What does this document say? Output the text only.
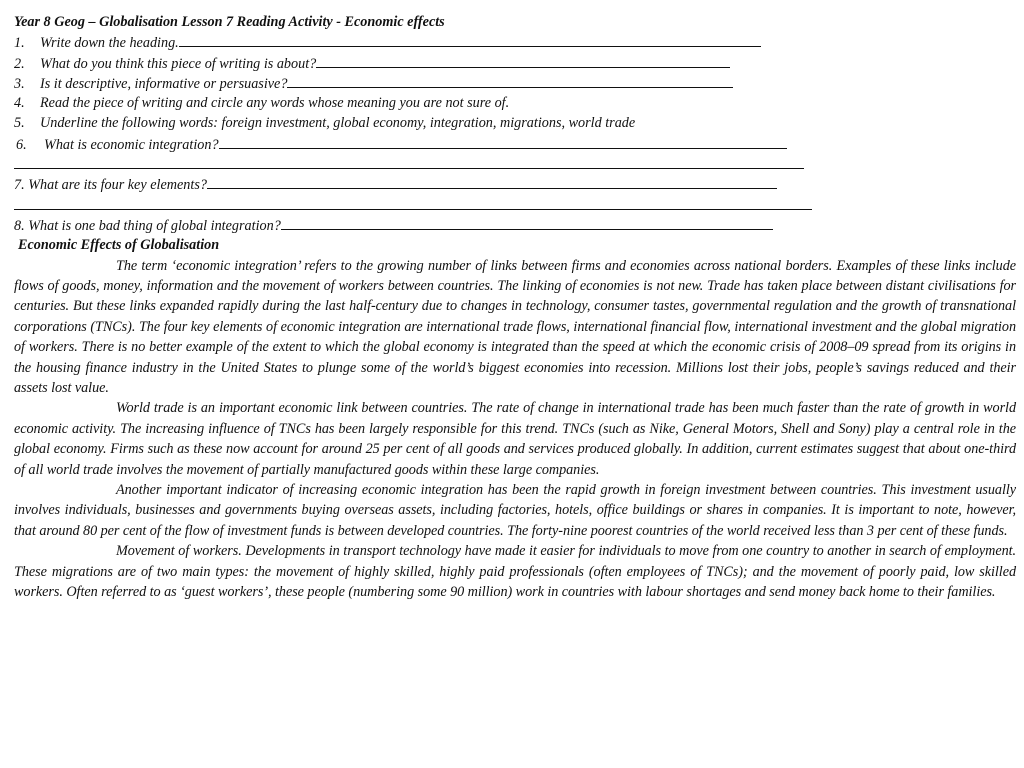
Year 8 Geog – Globalisation Lesson 7 Reading Activity - Economic effects
1.	Write down the heading.
2.	What do you think this piece of writing is about?
3.	Is it descriptive, informative or persuasive?
4.	Read the piece of writing and circle any words whose meaning you are not sure of.
5.	Underline the following words: foreign investment, global economy, integration, migrations, world trade
6.	What is economic integration?
7. What are its four key elements?
8. What is one bad thing of global integration?
Economic Effects of Globalisation

The term ‘economic integration’ refers to the growing number of links between firms and economies across national borders. Examples of these links include flows of goods, money, information and the movement of workers between countries. The linking of economies is not new. Trade has taken place between distant civilisations for centuries. But these links expanded rapidly during the last half-century due to changes in technology, consumer tastes, governmental regulation and the growth of transnational corporations (TNCs). The four key elements of economic integration are international trade flows, international financial flow, international investment and the global migration of workers. There is no better example of the extent to which the global economy is integrated than the speed at which the economic crisis of 2008–09 spread from its origins in the housing finance industry in the United States to plunge some of the world’s biggest economies into recession. Millions lost their jobs, people’s savings reduced and their assets lost value.

World trade is an important economic link between countries. The rate of change in international trade has been much faster than the rate of growth in world economic activity. The increasing influence of TNCs has been largely responsible for this trend. TNCs (such as Nike, General Motors, Shell and Sony) play a central role in the global economy. Firms such as these now account for around 25 per cent of all goods and services produced globally. In addition, current estimates suggest that about one-third of all world trade involves the movement of partially manufactured goods within these large companies.

Another important indicator of increasing economic integration has been the rapid growth in foreign investment between countries. This investment usually involves individuals, businesses and governments buying overseas assets, including factories, hotels, office buildings or shares in companies. It is important to note, however, that around 80 per cent of the flow of investment funds is between developed countries. The forty-nine poorest countries of the world received less than 3 per cent of these funds.

Movement of workers. Developments in transport technology have made it easier for individuals to move from one country to another in search of employment. These migrations are of two main types: the movement of highly skilled, highly paid professionals (often employees of TNCs); and the movement of poorly paid, low skilled workers. Often referred to as ‘guest workers’, these people (numbering some 90 million) work in countries with labour shortages and send money back home to their families.
